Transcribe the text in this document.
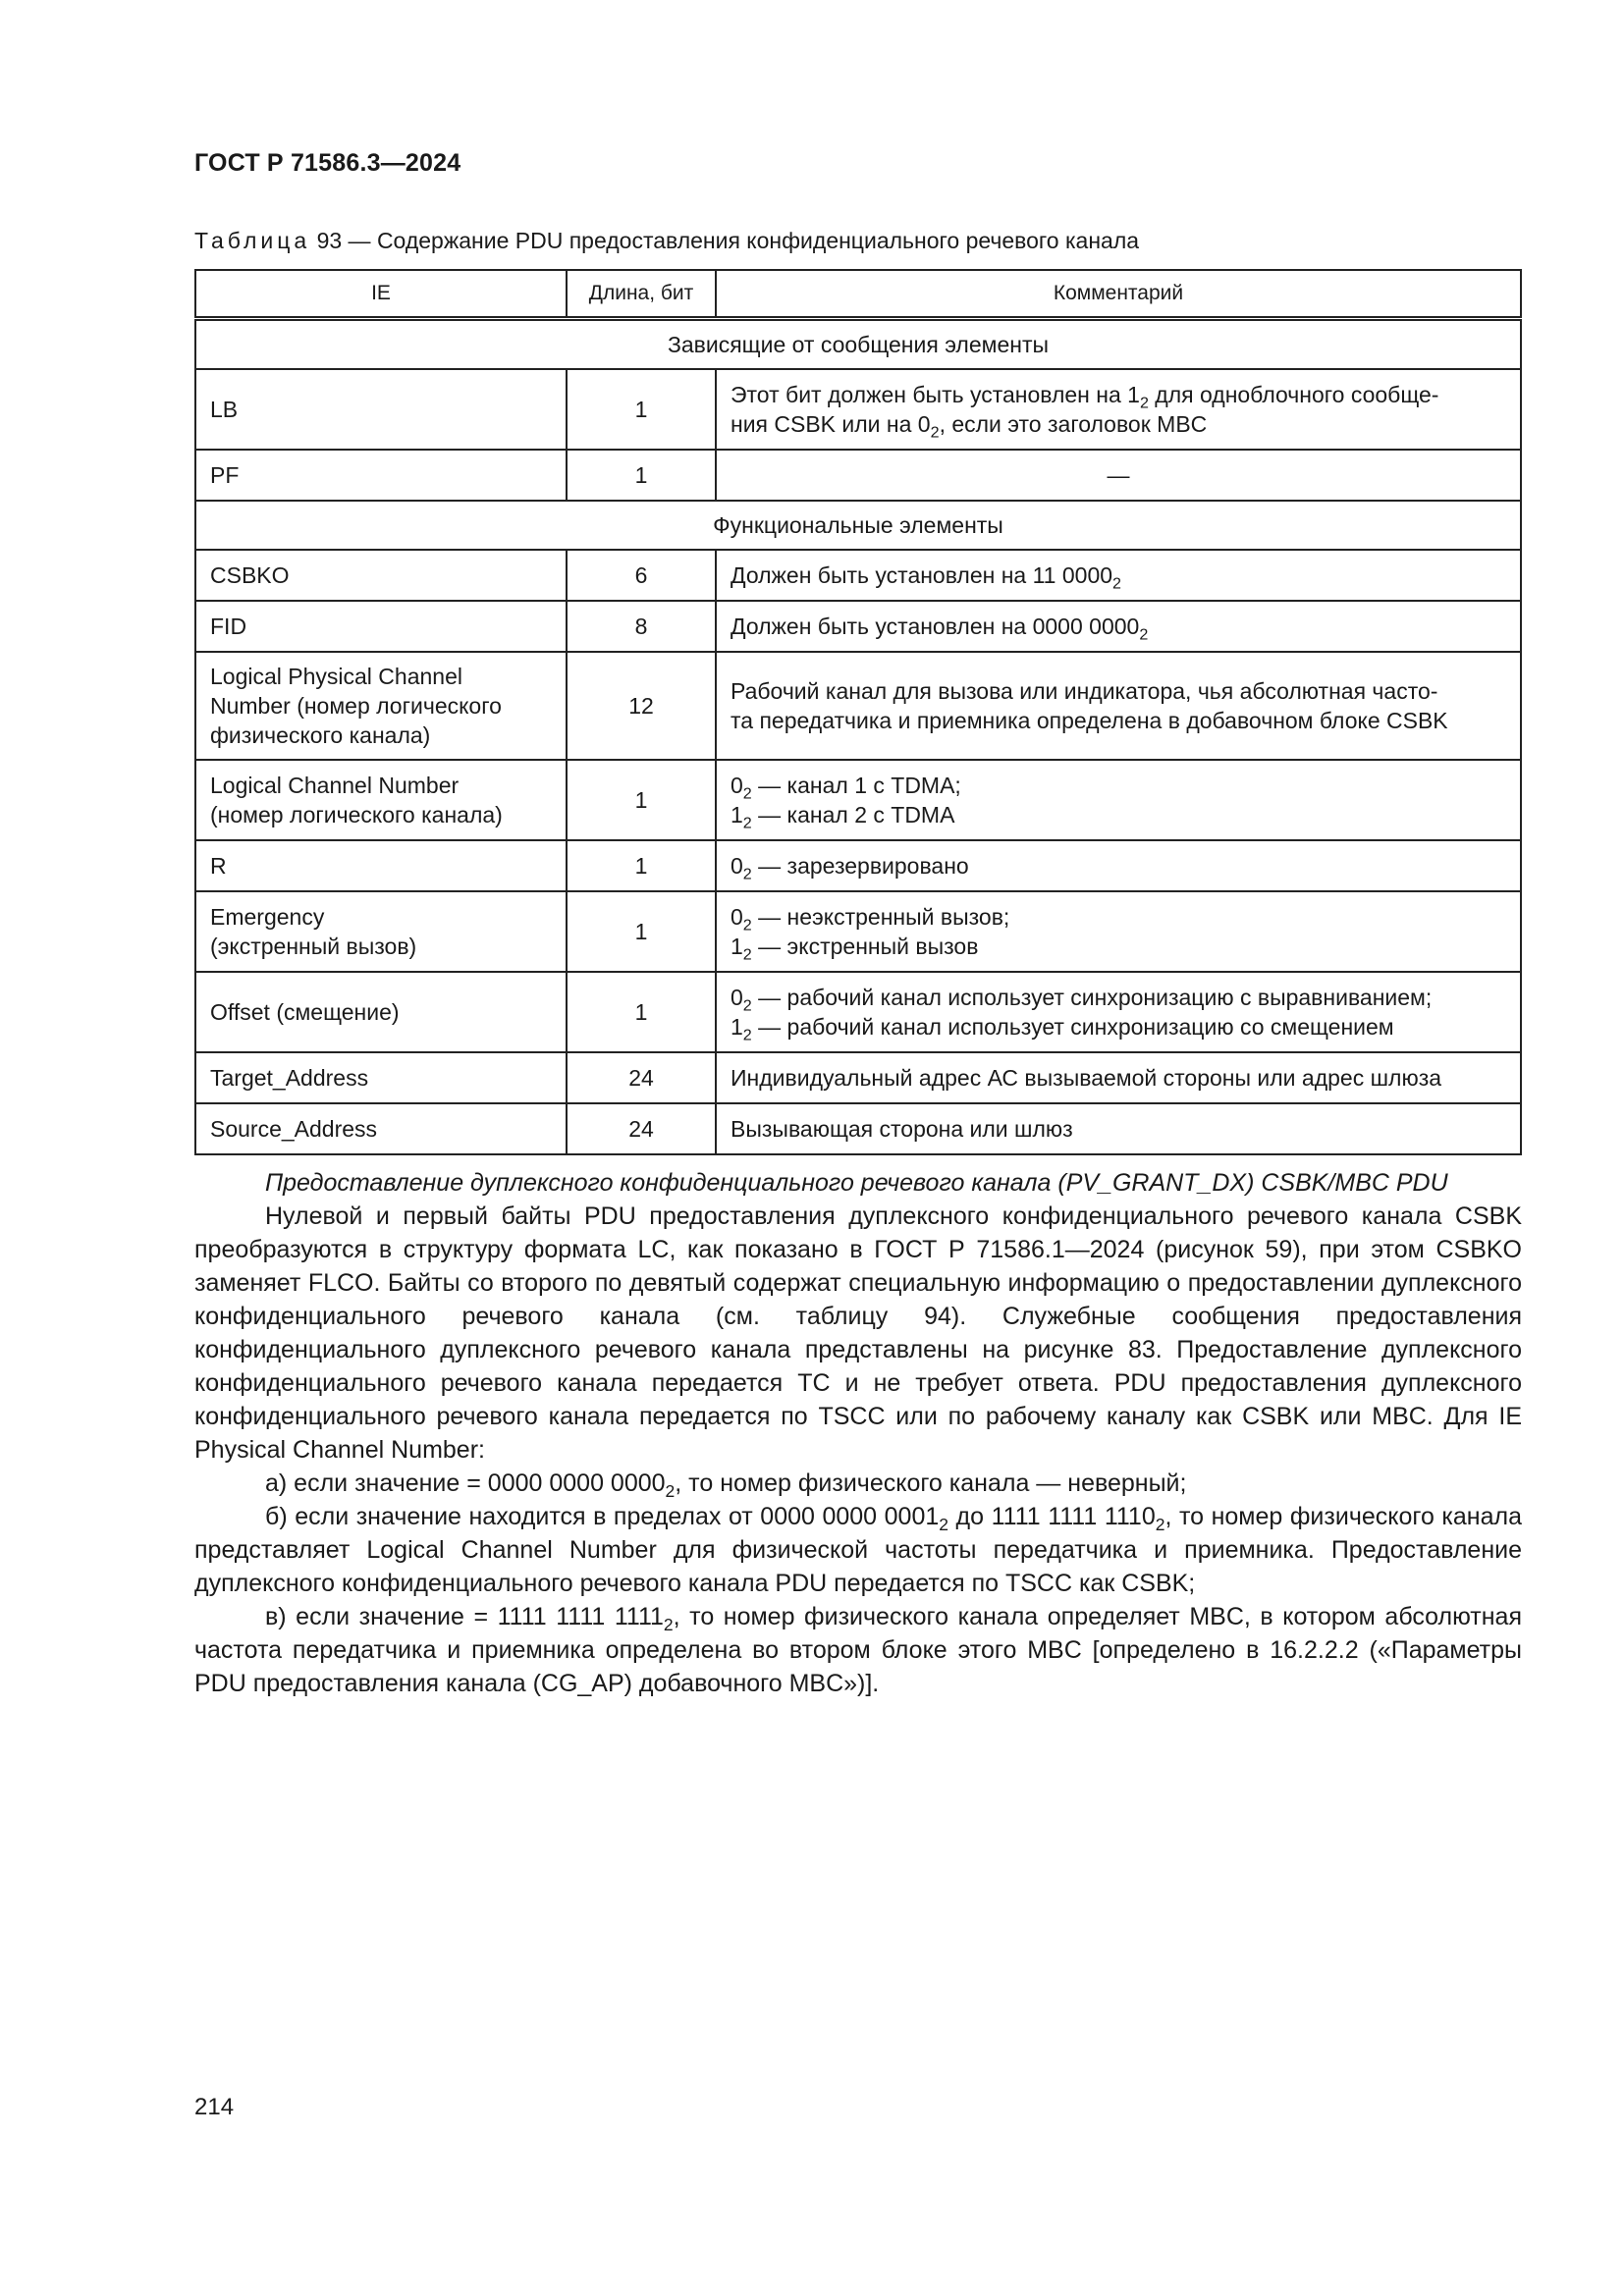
ГОСТ Р 71586.3—2024
Таблица 93 — Содержание PDU предоставления конфиденциального речевого канала
IE	Длина, бит	Комментарий
Зависящие от сообщения элементы		
LB	1	Этот бит должен быть установлен на $1_2$ для одноблочного сообще-
ния CSBK или на $0_2$, если это заголовок MBC
PF	1	—
Функциональные элементы		
CSBKO	6	Должен быть установлен на 11 $0000_2$
FID	8	Должен быть установлен на 0000 $0000_2$
Logical Physical Channel
Number (номер логического
физического канала)	12	Рабочий канал для вызова или индикатора, чья абсолютная часто-
та передатчика и приемника определена в добавочном блоке CSBK
Logical Channel Number
(номер логического канала)	1	$0_2$ — канал 1 с TDMA;
$1_2$ — канал 2 с TDMA
R	1	$0_2$ — зарезервировано
Emergency
(экстренный вызов)	1	$0_2$ — неэкстренный вызов;
$1_2$ — экстренный вызов
Offset (смещение)	1	$0_2$ — рабочий канал использует синхронизацию с выравниванием;
$1_2$ — рабочий канал использует синхронизацию со смещением
Target_Address	24	Индивидуальный адрес АС вызываемой стороны или адрес шлюза
Source_Address	24	Вызывающая сторона или шлюз

Предоставление дуплексного конфиденциального речевого канала (PV_GRANT_DX) CSBK/MBC PDU

Нулевой и первый байты PDU предоставления дуплексного конфиденциального речевого канала CSBK преобразуются в структуру формата LC, как показано в ГОСТ Р 71586.1—2024 (рисунок 59), при этом CSBKO заменяет FLCO. Байты со второго по девятый содержат специальную информацию о предоставлении дуплексного конфиденциального речевого канала (см. таблицу 94). Служебные сообщения предоставления конфиденциального дуплексного речевого канала представлены на рисунке 83. Предоставление дуплексного конфиденциального речевого канала передается ТС и не требует ответа. PDU предоставления дуплексного конфиденциального речевого канала передается по TSCC или по рабочему каналу как CSBK или MBC. Для IE Physical Channel Number:

а) если значение = 0000 0000 $0000_2$, то номер физического канала — неверный;

б) если значение находится в пределах от 0000 0000 $0001_2$ до 1111 1111 $1110_2$, то номер физического канала представляет Logical Channel Number для физической частоты передатчика и приемника. Предоставление дуплексного конфиденциального речевого канала PDU передается по TSCC как CSBK;

в) если значение = 1111 1111 $1111_2$, то номер физического канала определяет MBC, в котором абсолютная частота передатчика и приемника определена во втором блоке этого MBC [определено в 16.2.2.2 («Параметры PDU предоставления канала (CG_AP) добавочного MBC»)].

214
